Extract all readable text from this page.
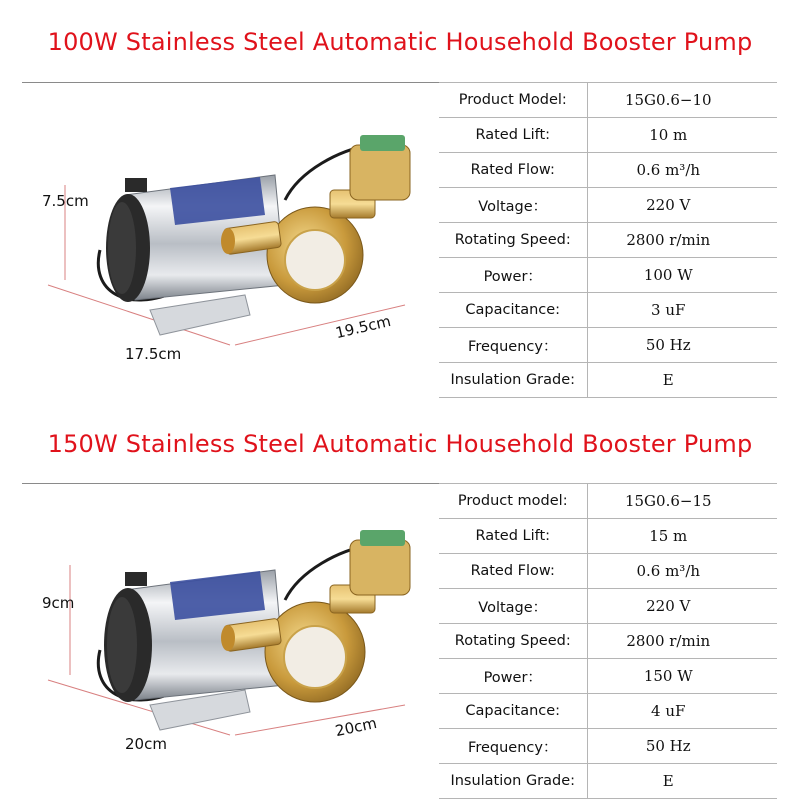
100W Stainless Steel Automatic Household Booster Pump
7.5cm
17.5cm
19.5cm
Product Model:	15G0.6−10
Rated Lift:	10 m
Rated Flow:	0.6 m³/h
Voltage：	220 V
Rotating Speed:	2800 r/min
Power：	100 W
Capacitance:	3 uF
Frequency：	50 Hz
Insulation Grade:	E
150W Stainless Steel Automatic Household Booster Pump
9cm
20cm
20cm
Product model:	15G0.6−15
Rated Lift:	15 m
Rated Flow:	0.6 m³/h
Voltage：	220 V
Rotating Speed:	2800 r/min
Power：	150 W
Capacitance:	4 uF
Frequency：	50 Hz
Insulation Grade:	E
